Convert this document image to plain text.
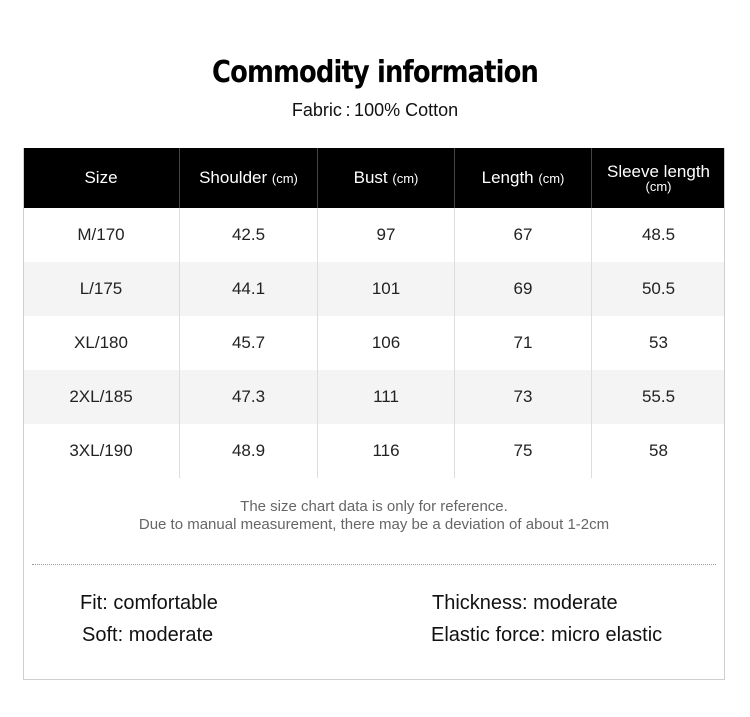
Commodity information
Fabric : 100% Cotton
Size	Shoulder (cm)	Bust (cm)	Length (cm)	Sleeve length
(cm)

M/170	42.5	97	67	48.5
L/175	44.1	101	69	50.5
XL/180	45.7	106	71	53
2XL/185	47.3	111	73	55.5
3XL/190	48.9	116	75	58
The size chart data is only for reference.
Due to manual measurement, there may be a deviation of about 1-2cm
Fit: comfortable
Soft: moderate
Thickness: moderate
Elastic force: micro elastic
